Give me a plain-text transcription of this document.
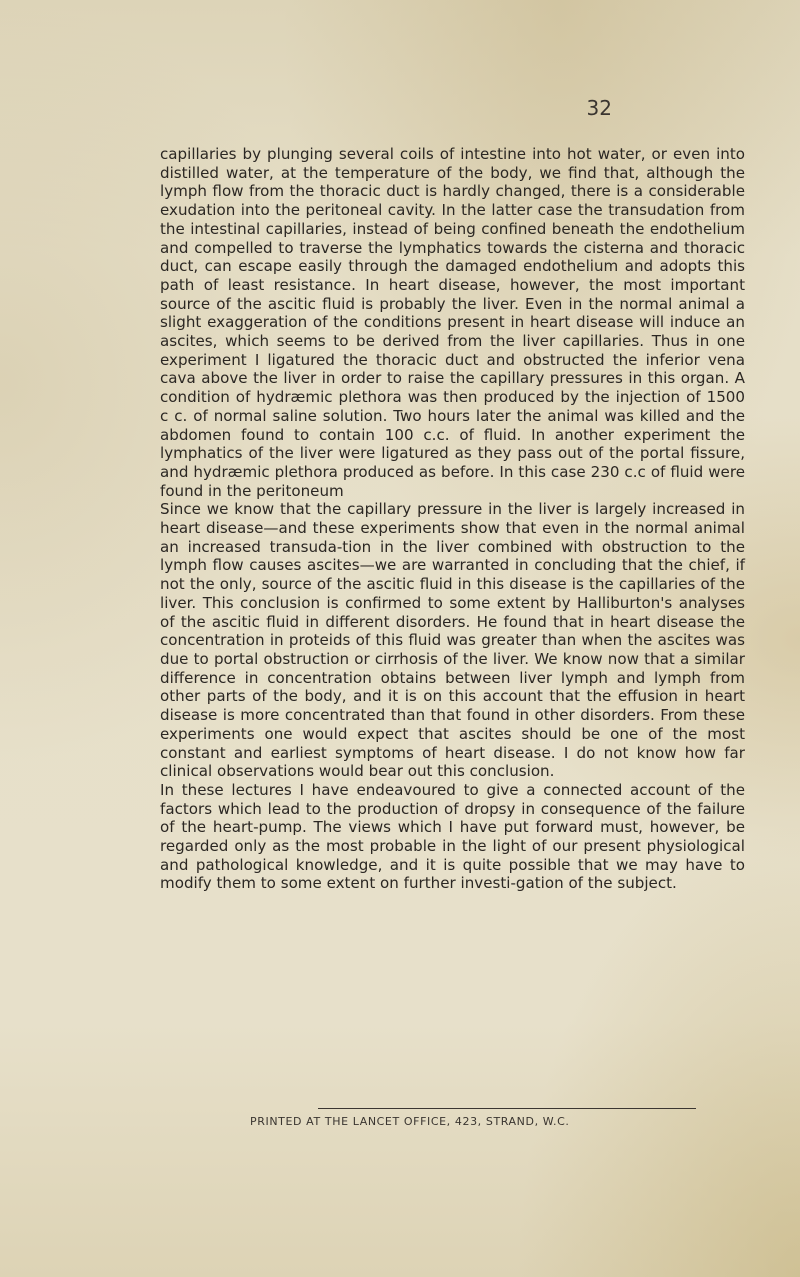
32

capillaries by plunging several coils of intestine into hot water, or even into distilled water, at the temperature of the body, we find that, although the lymph flow from the thoracic duct is hardly changed, there is a considerable exudation into the peritoneal cavity. In the latter case the transudation from the intestinal capillaries, instead of being confined beneath the endothelium and compelled to traverse the lymphatics towards the cisterna and thoracic duct, can escape easily through the damaged endothelium and adopts this path of least resistance. In heart disease, however, the most important source of the ascitic fluid is probably the liver. Even in the normal animal a slight exaggeration of the conditions present in heart disease will induce an ascites, which seems to be derived from the liver capillaries. Thus in one experiment I ligatured the thoracic duct and obstructed the inferior vena cava above the liver in order to raise the capillary pressures in this organ. A condition of hydræmic plethora was then produced by the injection of 1500 c c. of normal saline solution. Two hours later the animal was killed and the abdomen found to contain 100 c.c. of fluid. In another experiment the lymphatics of the liver were ligatured as they pass out of the portal fissure, and hydræmic plethora produced as before. In this case 230 c.c of fluid were found in the peritoneum

Since we know that the capillary pressure in the liver is largely increased in heart disease—and these experiments show that even in the normal animal an increased transuda-tion in the liver combined with obstruction to the lymph flow causes ascites—we are warranted in concluding that the chief, if not the only, source of the ascitic fluid in this disease is the capillaries of the liver. This conclusion is confirmed to some extent by Halliburton's analyses of the ascitic fluid in different disorders. He found that in heart disease the concentration in proteids of this fluid was greater than when the ascites was due to portal obstruction or cirrhosis of the liver. We know now that a similar difference in concentration obtains between liver lymph and lymph from other parts of the body, and it is on this account that the effusion in heart disease is more concentrated than that found in other disorders. From these experiments one would expect that ascites should be one of the most constant and earliest symptoms of heart disease. I do not know how far clinical observations would bear out this conclusion.

In these lectures I have endeavoured to give a connected account of the factors which lead to the production of dropsy in consequence of the failure of the heart-pump. The views which I have put forward must, however, be regarded only as the most probable in the light of our present physiological and pathological knowledge, and it is quite possible that we may have to modify them to some extent on further investi-gation of the subject.

PRINTED AT THE LANCET OFFICE, 423, STRAND, W.C.
